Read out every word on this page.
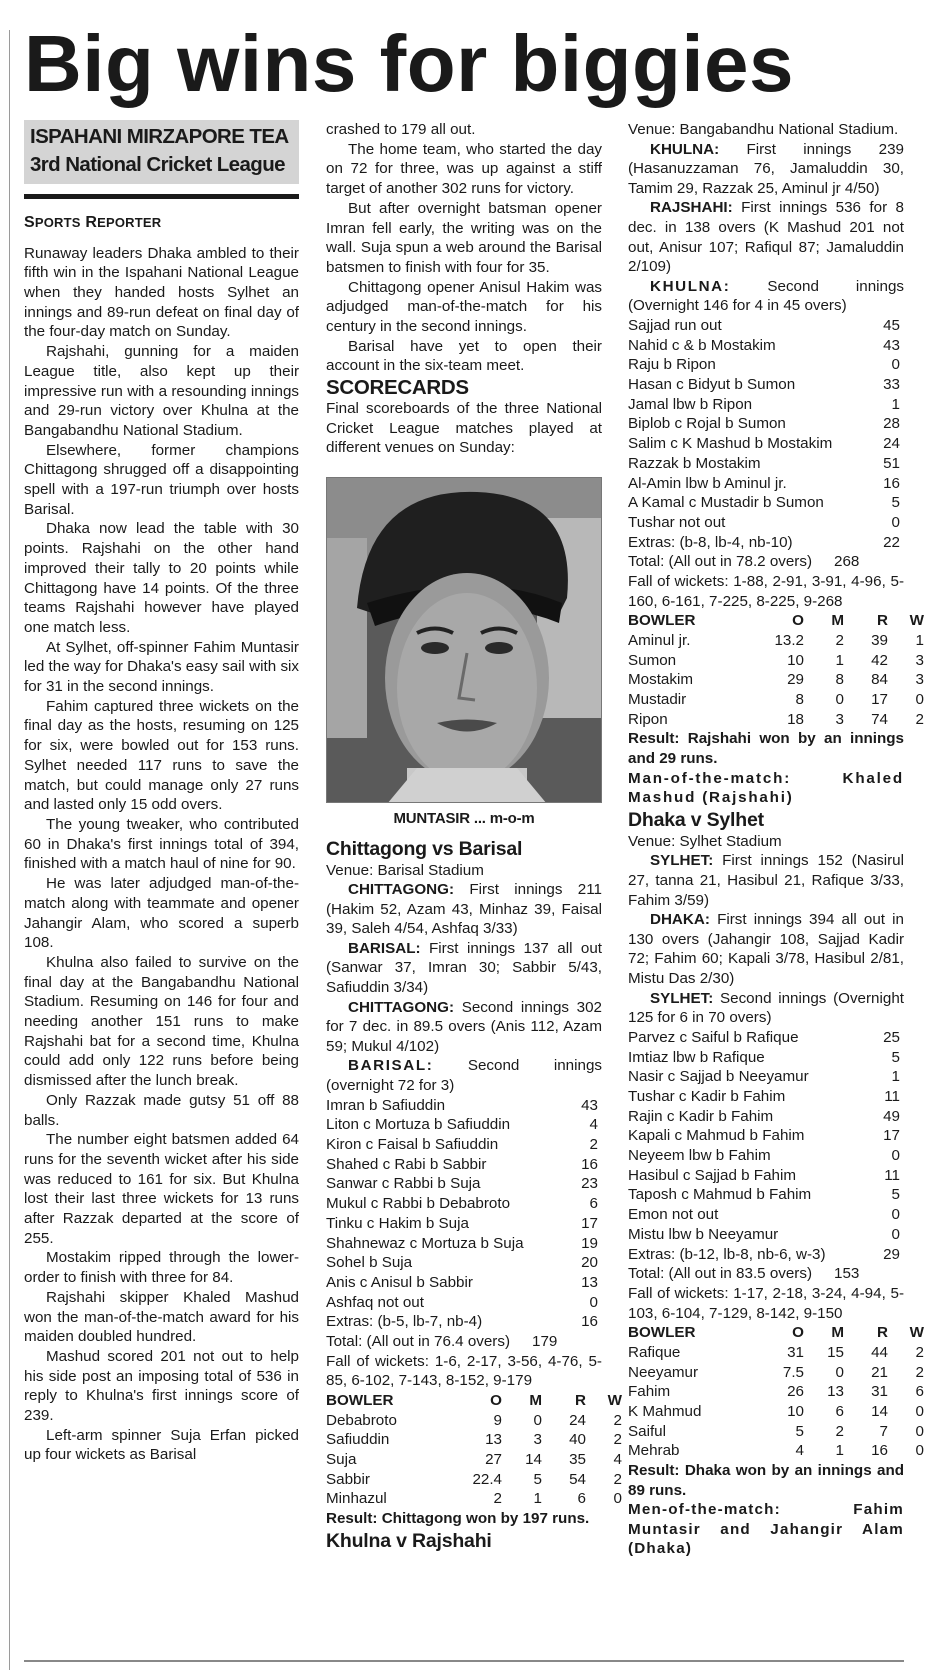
Big wins for biggies
ISPAHANI MIRZAPORE TEA
3rd National Cricket League
SPORTS REPORTER

Runaway leaders Dhaka ambled to their fifth win in the Ispahani National League when they handed hosts Sylhet an innings and 89-run defeat on final day of the four-day match on Sunday.

Rajshahi, gunning for a maiden League title, also kept up their impressive run with a resounding innings and 29-run victory over Khulna at the Bangabandhu National Stadium.

Elsewhere, former champions Chittagong shrugged off a disappointing spell with a 197-run triumph over hosts Barisal.

Dhaka now lead the table with 30 points. Rajshahi on the other hand improved their tally to 20 points while Chittagong have 14 points. Of the three teams Rajshahi however have played one match less.

At Sylhet, off-spinner Fahim Muntasir led the way for Dhaka's easy sail with six for 31 in the second innings.

Fahim captured three wickets on the final day as the hosts, resuming on 125 for six, were bowled out for 153 runs. Sylhet needed 117 runs to save the match, but could manage only 27 runs and lasted only 15 odd overs.

The young tweaker, who contributed 60 in Dhaka's first innings total of 394, finished with a match haul of nine for 90.

He was later adjudged man-of-the-match along with teammate and opener Jahangir Alam, who scored a superb 108.

Khulna also failed to survive on the final day at the Bangabandhu National Stadium. Resuming on 146 for four and needing another 151 runs to make Rajshahi bat for a second time, Khulna could add only 122 runs before being dismissed after the lunch break.

Only Razzak made gutsy 51 off 88 balls.

The number eight batsmen added 64 runs for the seventh wicket after his side was reduced to 161 for six. But Khulna lost their last three wickets for 13 runs after Razzak departed at the score of 255.

Mostakim ripped through the lower-order to finish with three for 84.

Rajshahi skipper Khaled Mashud won the man-of-the-match award for his maiden doubled hundred.

Mashud scored 201 not out to help his side post an imposing total of 536 in reply to Khulna's first innings score of 239.

Left-arm spinner Suja Erfan picked up four wickets as Barisal

crashed to 179 all out.

The home team, who started the day on 72 for three, was up against a stiff target of another 302 runs for victory.

But after overnight batsman opener Imran fell early, the writing was on the wall. Suja spun a web around the Barisal batsmen to finish with four for 35.

Chittagong opener Anisul Hakim was adjudged man-of-the-match for his century in the second innings.

Barisal have yet to open their account in the six-team meet.

SCORECARDS

Final scoreboards of the three National Cricket League matches played at different venues on Sunday:

MUNTASIR ... m-o-m
Chittagong vs Barisal
Venue: Barisal Stadium

CHITTAGONG: First innings 211 (Hakim 52, Azam 43, Minhaz 39, Faisal 39, Saleh 4/54, Ashfaq 3/33)

BARISAL: First innings 137 all out (Sanwar 37, Imran 30; Sabbir 5/43, Safiuddin 3/34)

CHITTAGONG: Second innings 302 for 7 dec. in 89.5 overs (Anis 112, Azam 59; Mukul 4/102)

BARISAL: Second innings (overnight 72 for 3)

Imran b Safiuddin	43
Liton c Mortuza b Safiuddin	4
Kiron c Faisal b Safiuddin	2
Shahed c Rabi b Sabbir	16
Sanwar c Rabbi b Suja	23
Mukul c Rabbi b Debabroto	6
Tinku c Hakim b Suja	17
Shahnewaz c Mortuza b Suja	19
Sohel b Suja	20
Anis c Anisul b Sabbir	13
Ashfaq not out	0
Extras: (b-5, lb-7, nb-4)	16
Total: (All out in 76.4 overs) 179

Fall of wickets: 1-6, 2-17, 3-56, 4-76, 5-85, 6-102, 7-143, 8-152, 9-179

BOWLER	O	M	R	W
Debabroto	9	0	24	2
Safiuddin	13	3	40	2
Suja	27	14	35	4
Sabbir	22.4	5	54	2
Minhazul	2	1	6	0

Result: Chittagong won by 197 runs.

Khulna v Rajshahi

Venue: Bangabandhu National Stadium.

KHULNA: First innings 239 (Hasanuzzaman 76, Jamaluddin 30, Tamim 29, Razzak 25, Aminul jr 4/50)

RAJSHAHI: First innings 536 for 8 dec. in 138 overs (K Mashud 201 not out, Anisur 107; Rafiqul 87; Jamaluddin 2/109)

KHULNA: Second innings (Overnight 146 for 4 in 45 overs)

Sajjad run out	45
Nahid c & b Mostakim	43
Raju b Ripon	0
Hasan c Bidyut b Sumon	33
Jamal lbw b Ripon	1
Biplob c Rojal b Sumon	28
Salim c K Mashud b Mostakim	24
Razzak b Mostakim	51
Al-Amin lbw b Aminul jr.	16
A Kamal c Mustadir b Sumon	5
Tushar not out	0
Extras: (b-8, lb-4, nb-10)	22
Total: (All out in 78.2 overs) 268

Fall of wickets: 1-88, 2-91, 3-91, 4-96, 5-160, 6-161, 7-225, 8-225, 9-268

BOWLER	O	M	R	W
Aminul jr.	13.2	2	39	1
Sumon	10	1	42	3
Mostakim	29	8	84	3
Mustadir	8	0	17	0
Ripon	18	3	74	2

Result: Rajshahi won by an innings and 29 runs.

Man-of-the-match: Khaled Mashud (Rajshahi)

Dhaka v Sylhet
Venue: Sylhet Stadium

SYLHET: First innings 152 (Nasirul 27, tanna 21, Hasibul 21, Rafique 3/33, Fahim 3/59)

DHAKA: First innings 394 all out in 130 overs (Jahangir 108, Sajjad Kadir 72; Fahim 60; Kapali 3/78, Hasibul 2/81, Mistu Das 2/30)

SYLHET: Second innings (Overnight 125 for 6 in 70 overs)

Parvez c Saiful b Rafique	25
Imtiaz lbw b Rafique	5
Nasir c Sajjad b Neeyamur	1
Tushar c Kadir b Fahim	11
Rajin c Kadir b Fahim	49
Kapali c Mahmud b Fahim	17
Neyeem lbw b Fahim	0
Hasibul c Sajjad b Fahim	11
Taposh c Mahmud b Fahim	5
Emon not out	0
Mistu lbw b Neeyamur	0
Extras: (b-12, lb-8, nb-6, w-3)	29
Total: (All out in 83.5 overs) 153

Fall of wickets: 1-17, 2-18, 3-24, 4-94, 5-103, 6-104, 7-129, 8-142, 9-150

BOWLER	O	M	R	W
Rafique	31	15	44	2
Neeyamur	7.5	0	21	2
Fahim	26	13	31	6
K Mahmud	10	6	14	0
Saiful	5	2	7	0
Mehrab	4	1	16	0

Result: Dhaka won by an innings and 89 runs.

Men-of-the-match: Fahim Muntasir and Jahangir Alam (Dhaka)
